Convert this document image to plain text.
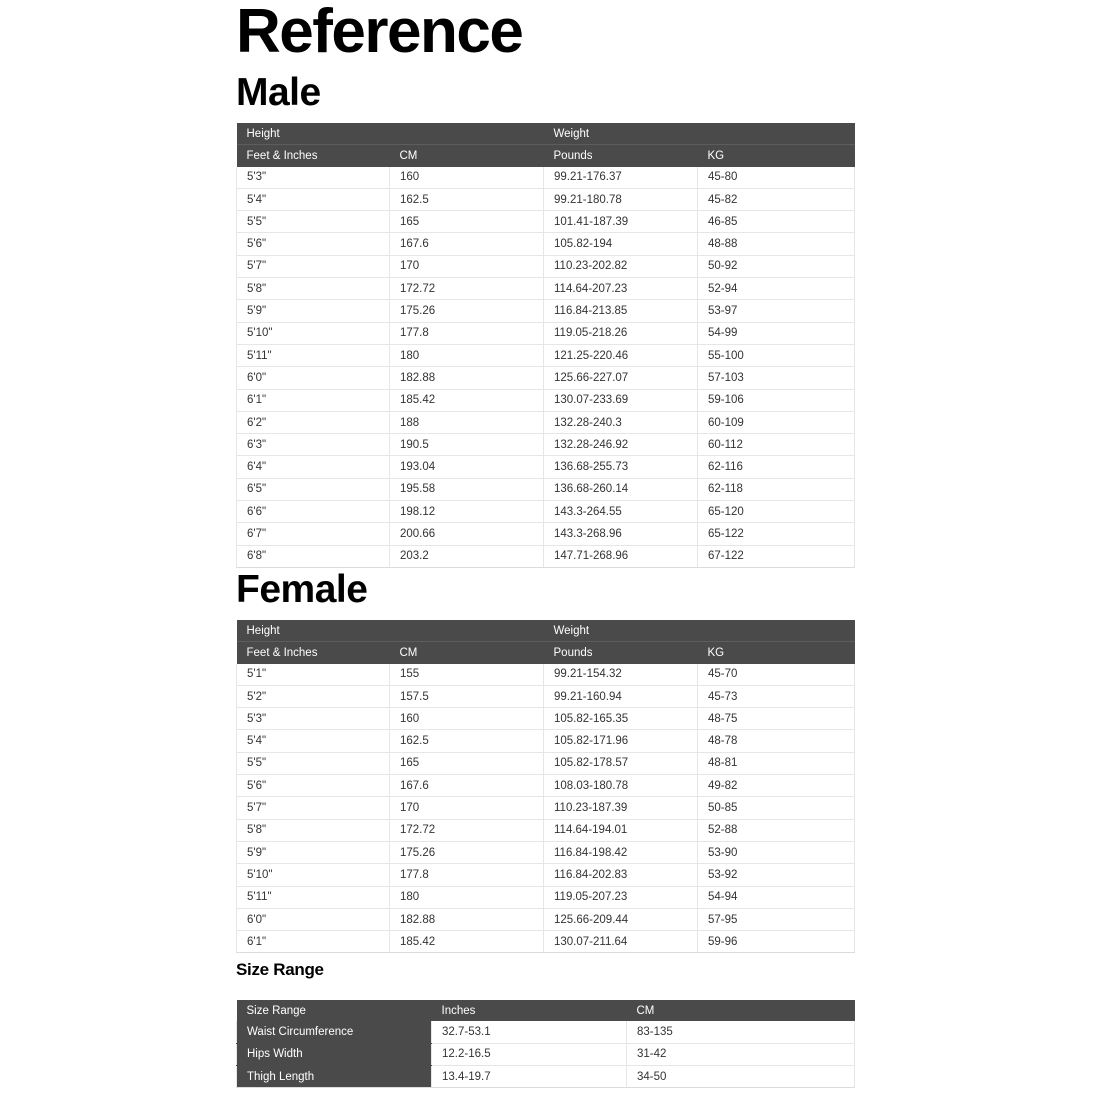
Reference
Male
Height		Weight	
Feet & Inches	CM	Pounds	KG
5'3"	160	99.21-176.37	45-80
5'4"	162.5	99.21-180.78	45-82
5'5"	165	101.41-187.39	46-85
5'6"	167.6	105.82-194	48-88
5'7"	170	110.23-202.82	50-92
5'8"	172.72	114.64-207.23	52-94
5'9"	175.26	116.84-213.85	53-97
5'10"	177.8	119.05-218.26	54-99
5'11"	180	121.25-220.46	55-100
6'0"	182.88	125.66-227.07	57-103
6'1"	185.42	130.07-233.69	59-106
6'2"	188	132.28-240.3	60-109
6'3"	190.5	132.28-246.92	60-112
6'4"	193.04	136.68-255.73	62-116
6'5"	195.58	136.68-260.14	62-118
6'6"	198.12	143.3-264.55	65-120
6'7"	200.66	143.3-268.96	65-122
6'8"	203.2	147.71-268.96	67-122
Female
Height		Weight	
Feet & Inches	CM	Pounds	KG
5'1"	155	99.21-154.32	45-70
5'2"	157.5	99.21-160.94	45-73
5'3"	160	105.82-165.35	48-75
5'4"	162.5	105.82-171.96	48-78
5'5"	165	105.82-178.57	48-81
5'6"	167.6	108.03-180.78	49-82
5'7"	170	110.23-187.39	50-85
5'8"	172.72	114.64-194.01	52-88
5'9"	175.26	116.84-198.42	53-90
5'10"	177.8	116.84-202.83	53-92
5'11"	180	119.05-207.23	54-94
6'0"	182.88	125.66-209.44	57-95
6'1"	185.42	130.07-211.64	59-96
Size Range
Size Range	Inches	CM
Waist Circumference	32.7-53.1	83-135
Hips Width	12.2-16.5	31-42
Thigh Length	13.4-19.7	34-50
